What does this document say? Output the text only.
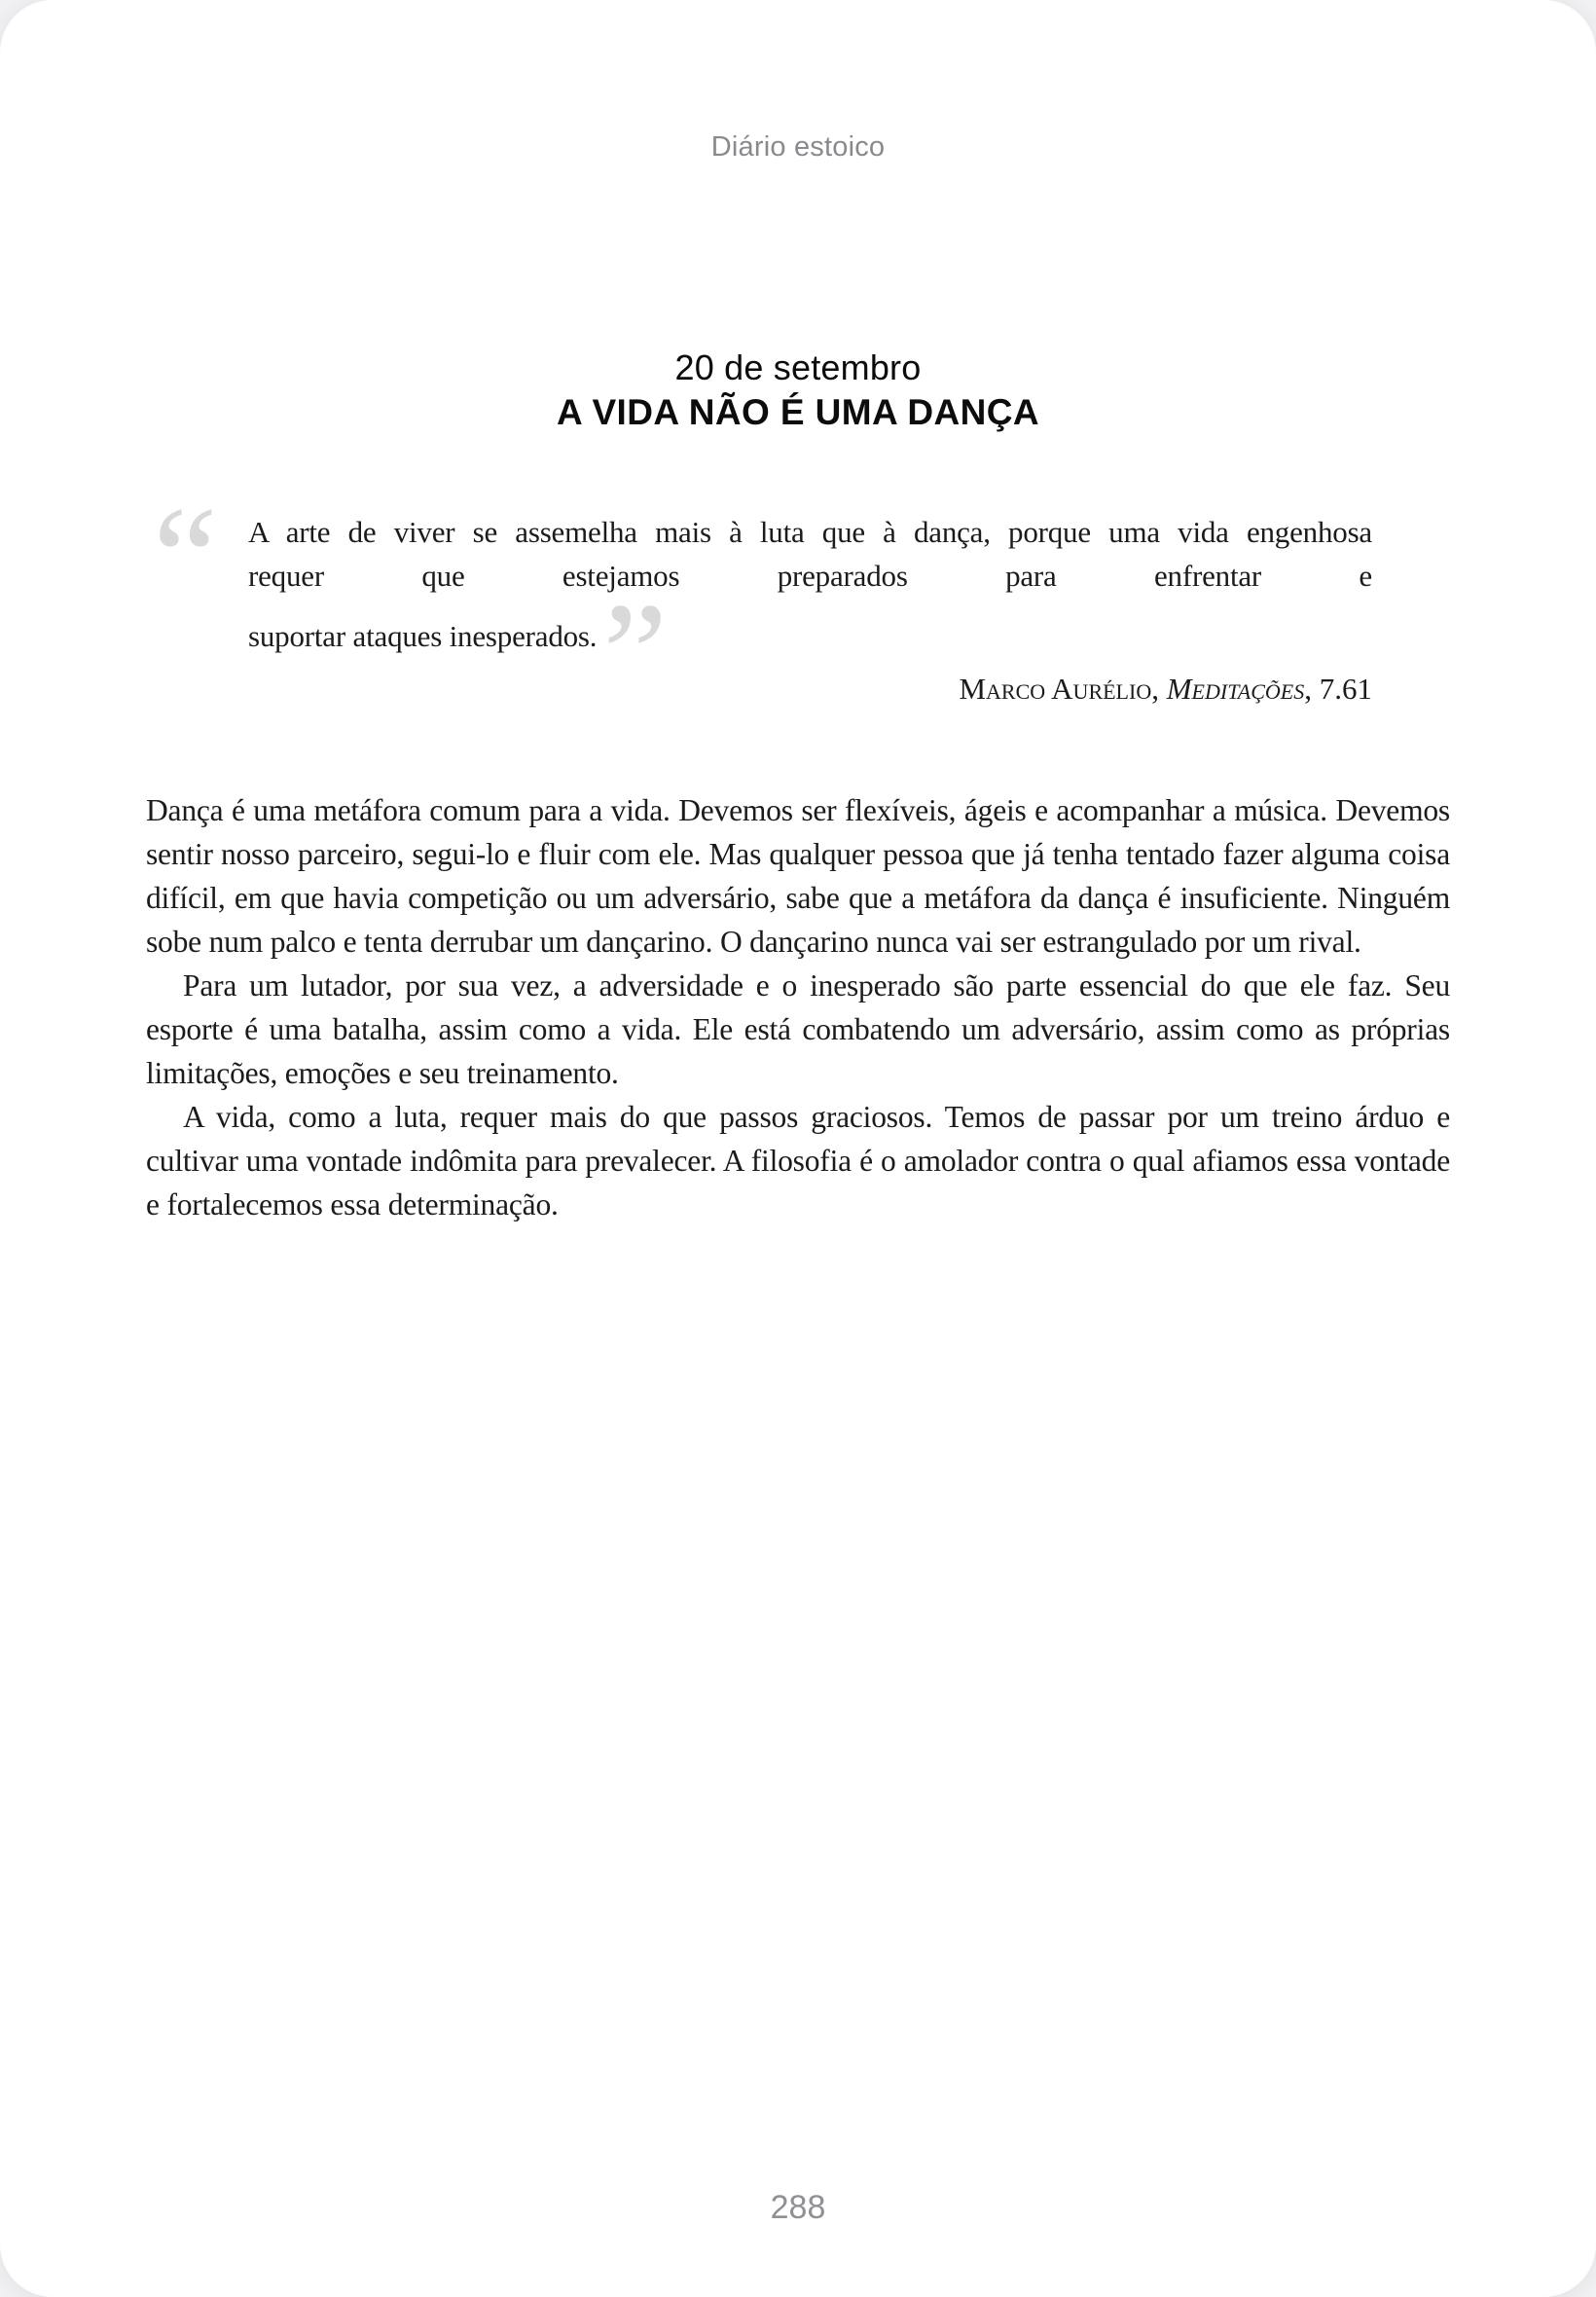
Diário estoico
20 de setembro
A VIDA NÃO É UMA DANÇA
“ A arte de viver se assemelha mais à luta que à dança, porque uma vida engenhosa
requer que estejamos preparados para enfrentar e
suportar ataques inesperados.”	Marco Aurélio, Meditações, 7.61

Dança é uma metáfora comum para a vida. Devemos ser flexíveis, ágeis e acompanhar a música. Devemos sentir nosso parceiro, segui-lo e fluir com ele. Mas qualquer pessoa que já tenha tentado fazer alguma coisa difícil, em que havia competição ou um adversário, sabe que a metáfora da dança é insuficiente. Ninguém sobe num palco e tenta derrubar um dançarino. O dançarino nunca vai ser estrangulado por um rival.

Para um lutador, por sua vez, a adversidade e o inesperado são parte essencial do que ele faz. Seu esporte é uma batalha, assim como a vida. Ele está combatendo um adversário, assim como as próprias limitações, emoções e seu treinamento.

A vida, como a luta, requer mais do que passos graciosos. Temos de passar por um treino árduo e cultivar uma vontade indômita para prevalecer. A filosofia é o amolador contra o qual afiamos essa vontade e fortalecemos essa determinação.

288
